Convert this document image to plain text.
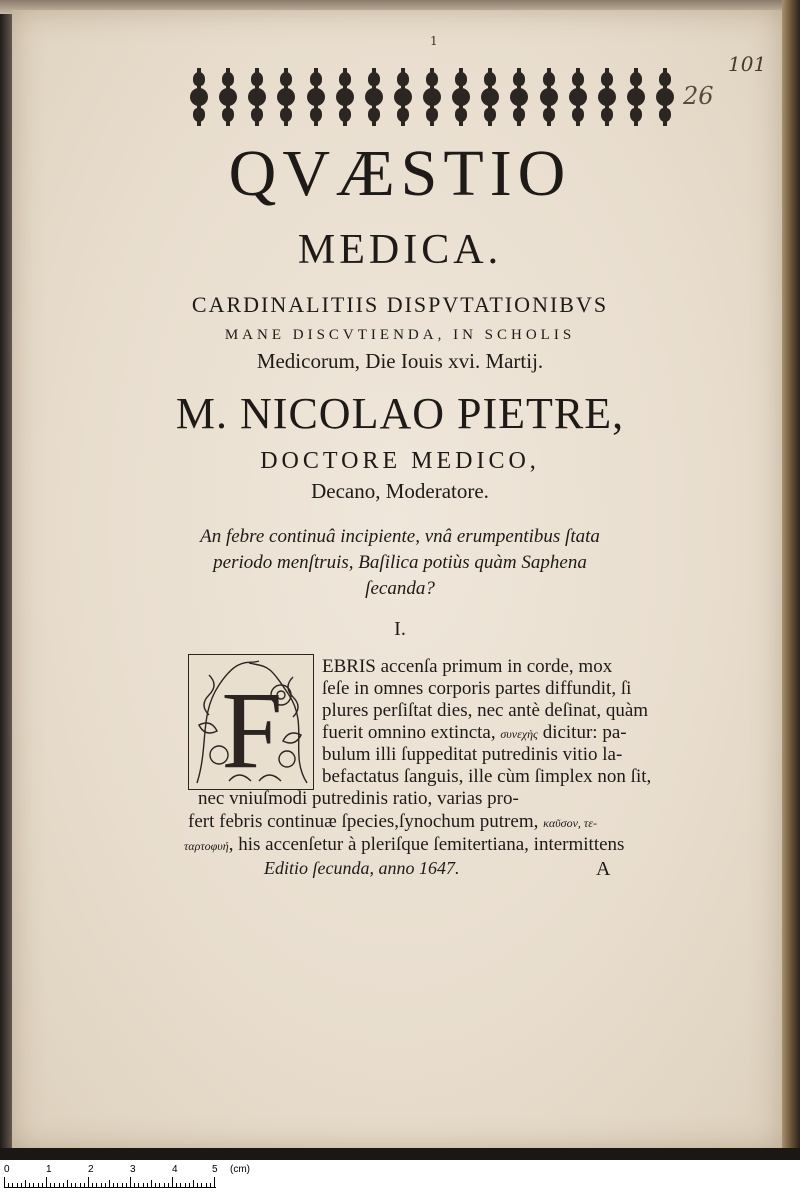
1
101
26
QVÆSTIO
MEDICA.
CARDINALITIIS DISPVTATIONIBVS
MANE DISCVTIENDA, IN SCHOLIS
Medicorum, Die Iouis xvi. Martij.
M. NICOLAO PIETRE,
DOCTORE MEDICO,
Decano, Moderatore.
An febre continuâ incipiente, vnâ erumpentibus ſtata
periodo menſtruis, Baſilica potiùs quàm Saphena
ſecanda?
I.
F
EBRIS accenſa primum in corde, mox
ſeſe in omnes corporis partes diffundit, ſi
plures perſiſtat dies, nec antè deſinat, quàm
fuerit omnino extincta, συνεχὴς dicitur: pa-
bulum illi ſuppeditat putredinis vitio la-
befactatus ſanguis, ille cùm ſimplex non ſit,
nec vniuſmodi putredinis ratio, varias pro-
fert febris continuæ ſpecies,ſynochum putrem, καῦσον, τε-
ταρτοφυή, his accenſetur à pleriſque ſemitertiana, intermittens
Editio ſecunda, anno 1647.	A
0	1	2	3	4	5 (cm)
